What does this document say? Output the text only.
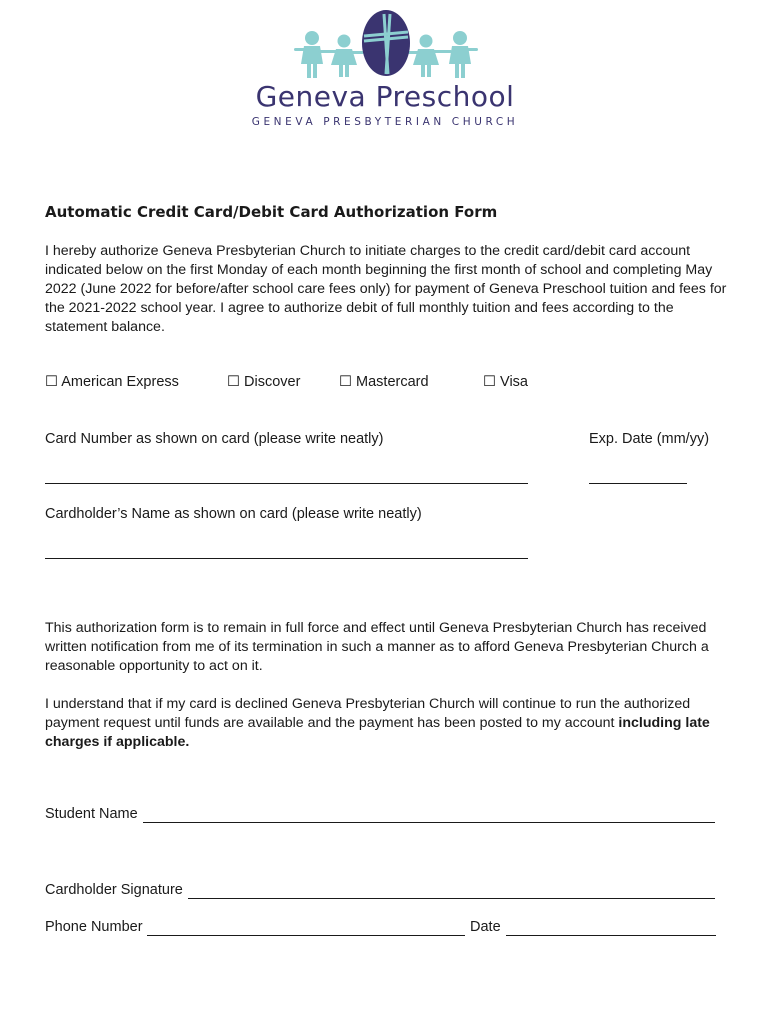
Geneva Preschool
GENEVA PRESBYTERIAN CHURCH
Automatic Credit Card/Debit Card Authorization Form
I hereby authorize Geneva Presbyterian Church to initiate charges to the credit card/debit card account indicated below on the first Monday of each month beginning the first month of school and completing May 2022 (June 2022 for before/after school care fees only) for payment of Geneva Preschool tuition and fees for the 2021-2022 school year. I agree to authorize debit of full monthly tuition and fees according to the statement balance.
☐ American Express	☐ Discover	☐ Mastercard	☐ Visa
Card Number as shown on card (please write neatly)	Exp. Date (mm/yy)
Cardholder’s Name as shown on card (please write neatly)
This authorization form is to remain in full force and effect until Geneva Presbyterian Church has received written notification from me of its termination in such a manner as to afford Geneva Presbyterian Church a reasonable opportunity to act on it.
I understand that if my card is declined Geneva Presbyterian Church will continue to run the authorized payment request until funds are available and the payment has been posted to my account including late charges if applicable.
Student Name
Cardholder Signature
Phone Number	Date
